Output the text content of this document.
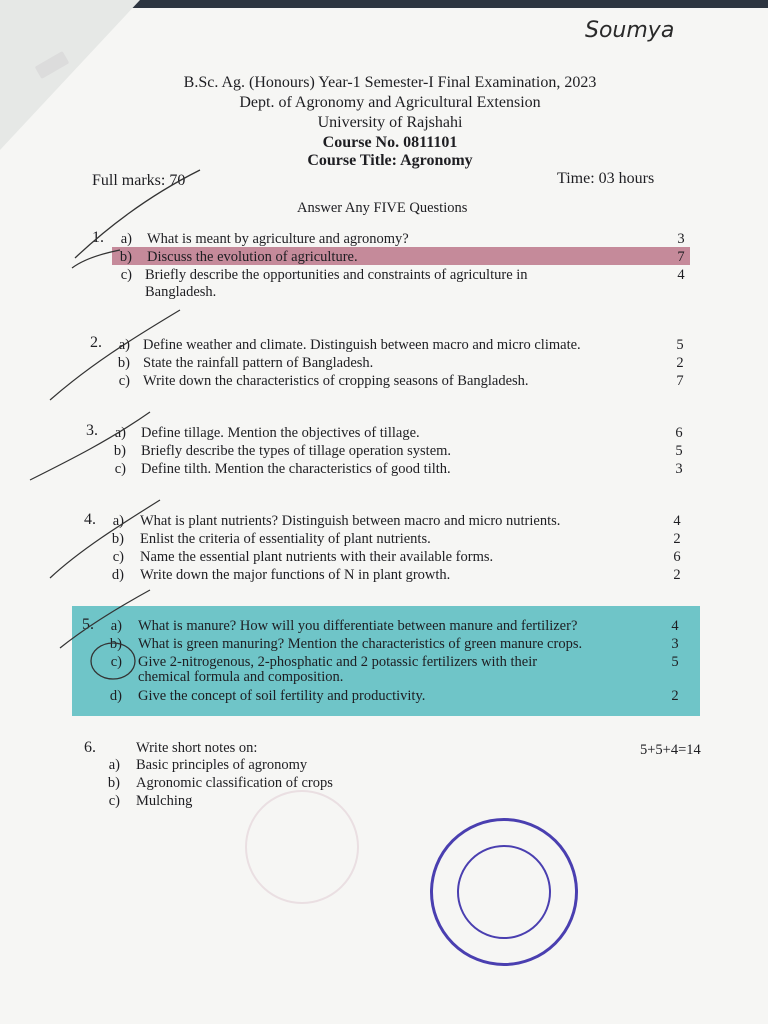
Soumya
B.Sc. Ag. (Honours) Year-1 Semester-I Final Examination, 2023
Dept. of Agronomy and Agricultural Extension
University of Rajshahi
Course No. 0811101
Course Title: Agronomy
Full marks: 70	Time: 03 hours
Answer Any FIVE Questions
1.	a) What is meant by agriculture and agronomy?	3
b) Discuss the evolution of agriculture.	7
c) Briefly describe the opportunities and constraints of agriculture in	4
Bangladesh.
2.	a) Define weather and climate. Distinguish between macro and micro climate.	5
b) State the rainfall pattern of Bangladesh.	2
c) Write down the characteristics of cropping seasons of Bangladesh.	7
3.	a) Define tillage. Mention the objectives of tillage.	6
b) Briefly describe the types of tillage operation system.	5
c) Define tilth. Mention the characteristics of good tilth.	3
4.	a) What is plant nutrients? Distinguish between macro and micro nutrients.	4
b) Enlist the criteria of essentiality of plant nutrients.	2
c) Name the essential plant nutrients with their available forms.	6
d) Write down the major functions of N in plant growth.	2
5.	a) What is manure? How will you differentiate between manure and fertilizer?	4
b) What is green manuring? Mention the characteristics of green manure crops.	3
c) Give 2-nitrogenous, 2-phosphatic and 2 potassic fertilizers with their	5
chemical formula and composition.
d) Give the concept of soil fertility and productivity.	2
6.	Write short notes on:	5+5+4=14
a) Basic principles of agronomy
b) Agronomic classification of crops
c) Mulching
